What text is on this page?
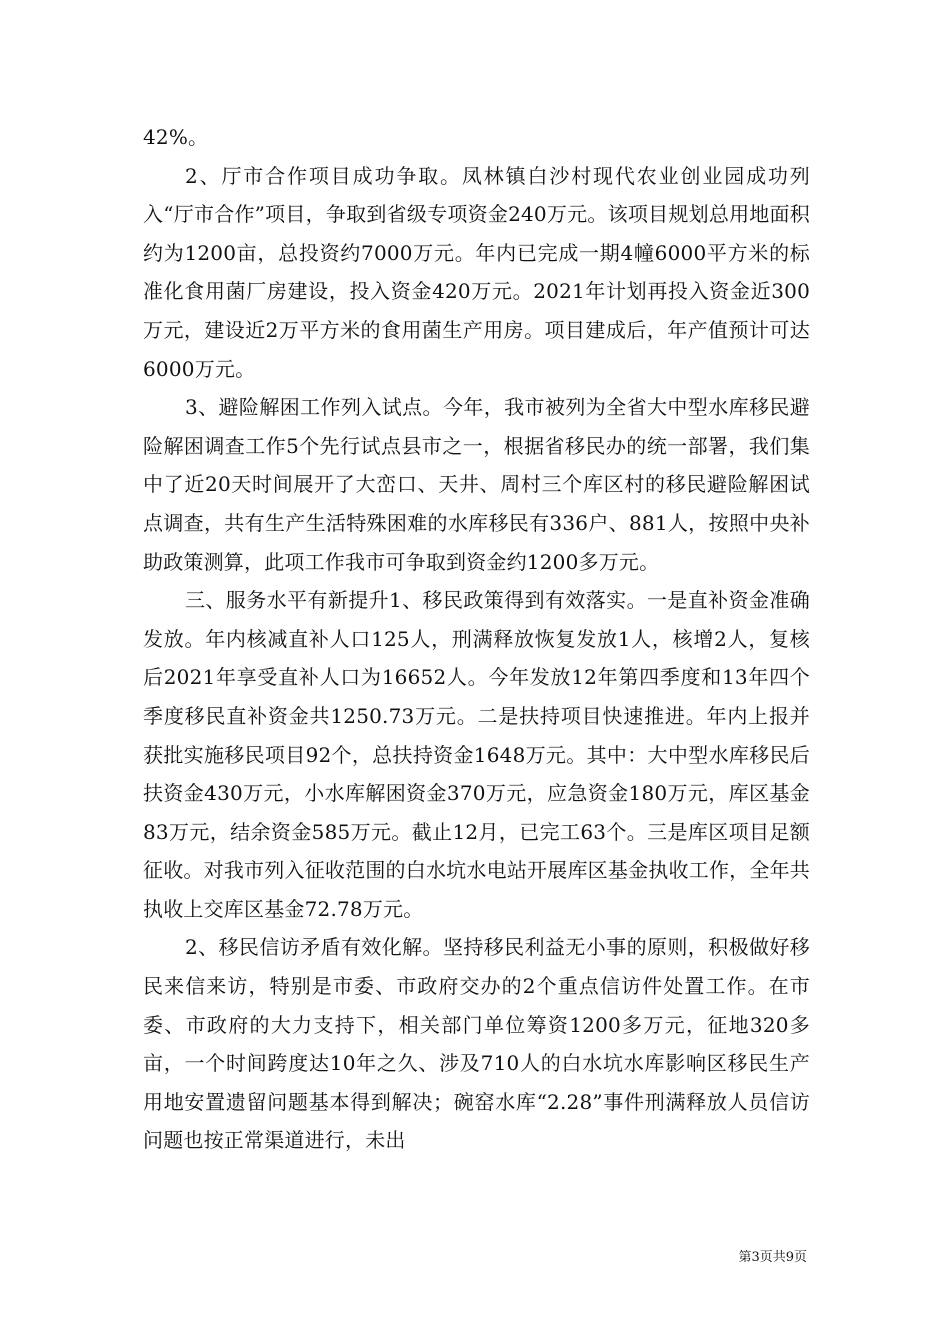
42%。

2、厅市合作项目成功争取。凤林镇白沙村现代农业创业园成功列入“厅市合作”项目，争取到省级专项资金240万元。该项目规划总用地面积约为1200亩，总投资约7000万元。年内已完成一期4幢6000平方米的标准化食用菌厂房建设，投入资金420万元。2021年计划再投入资金近300万元，建设近2万平方米的食用菌生产用房。项目建成后，年产值预计可达6000万元。

3、避险解困工作列入试点。今年，我市被列为全省大中型水库移民避险解困调查工作5个先行试点县市之一，根据省移民办的统一部署，我们集中了近20天时间展开了大峦口、天井、周村三个库区村的移民避险解困试点调查，共有生产生活特殊困难的水库移民有336户、881人，按照中央补助政策测算，此项工作我市可争取到资金约1200多万元。

三、服务水平有新提升1、移民政策得到有效落实。一是直补资金准确发放。年内核减直补人口125人，刑满释放恢复发放1人，核增2人，复核后2021年享受直补人口为16652人。今年发放12年第四季度和13年四个季度移民直补资金共1250.73万元。二是扶持项目快速推进。年内上报并获批实施移民项目92个，总扶持资金1648万元。其中：大中型水库移民后扶资金430万元，小水库解困资金370万元，应急资金180万元，库区基金83万元，结余资金585万元。截止12月，已完工63个。三是库区项目足额征收。对我市列入征收范围的白水坑水电站开展库区基金执收工作，全年共执收上交库区基金72.78万元。

2、移民信访矛盾有效化解。坚持移民利益无小事的原则，积极做好移民来信来访，特别是市委、市政府交办的2个重点信访件处置工作。在市委、市政府的大力支持下，相关部门单位筹资1200多万元，征地320多亩，一个时间跨度达10年之久、涉及710人的白水坑水库影响区移民生产用地安置遗留问题基本得到解决；碗窑水库“2.28”事件刑满释放人员信访问题也按正常渠道进行，未出

第3页共9页
